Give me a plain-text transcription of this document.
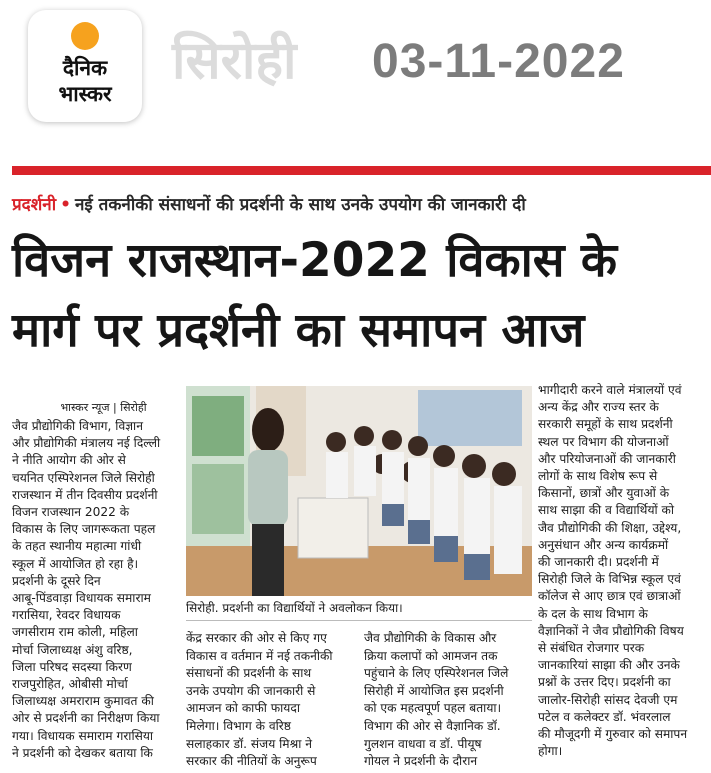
दैनिक
भास्कर
सिरोही 03-11-2022
प्रदर्शनी • नई तकनीकी संसाधनों की प्रदर्शनी के साथ उनके उपयोग की जानकारी दी
विजन राजस्थान-2022 विकास के
मार्ग पर प्रदर्शनी का समापन आज
भास्कर न्यूज | सिरोही
जैव प्रौद्योगिकी विभाग, विज्ञान
और प्रौद्योगिकी मंत्रालय नई दिल्ली
ने नीति आयोग की ओर से
चयनित एस्पिरेशनल जिले सिरोही
राजस्थान में तीन दिवसीय प्रदर्शनी
विजन राजस्थान 2022 के
विकास के लिए जागरूकता पहल
के तहत स्थानीय महात्मा गांधी
स्कूल में आयोजित हो रहा है।
प्रदर्शनी के दूसरे दिन
आबू-पिंडवाड़ा विधायक समाराम
गरासिया, रेवदर विधायक
जगसीराम राम कोली, महिला
मोर्चा जिलाध्यक्ष अंशु वरिष्ठ,
जिला परिषद सदस्या किरण
राजपुरोहित, ओबीसी मोर्चा
जिलाध्यक्ष अमराराम कुमावत की
ओर से प्रदर्शनी का निरीक्षण किया
गया। विधायक समाराम गरासिया
ने प्रदर्शनी को देखकर बताया कि
सिरोही. प्रदर्शनी का विद्यार्थियों ने अवलोकन किया।
केंद्र सरकार की ओर से किए गए
विकास व वर्तमान में नई तकनीकी
संसाधनों की प्रदर्शनी के साथ
उनके उपयोग की जानकारी से
आमजन को काफी फायदा
मिलेगा। विभाग के वरिष्ठ
सलाहकार डॉ. संजय मिश्रा ने
सरकार की नीतियों के अनुरूप
जैव प्रौद्योगिकी के विकास और
क्रिया कलापों को आमजन तक
पहुंचाने के लिए एस्पिरेशनल जिले
सिरोही में आयोजित इस प्रदर्शनी
को एक महत्वपूर्ण पहल बताया।
विभाग की ओर से वैज्ञानिक डॉ.
गुलशन वाधवा व डॉ. पीयूष
गोयल ने प्रदर्शनी के दौरान
भागीदारी करने वाले मंत्रालयों एवं
अन्य केंद्र और राज्य स्तर के
सरकारी समूहों के साथ प्रदर्शनी
स्थल पर विभाग की योजनाओं
और परियोजनाओं की जानकारी
लोगों के साथ विशेष रूप से
किसानों, छात्रों और युवाओं के
साथ साझा की व विद्यार्थियों को
जैव प्रौद्योगिकी की शिक्षा, उद्देश्य,
अनुसंधान और अन्य कार्यक्रमों
की जानकारी दी। प्रदर्शनी में
सिरोही जिले के विभिन्न स्कूल एवं
कॉलेज से आए छात्र एवं छात्राओं
के दल के साथ विभाग के
वैज्ञानिकों ने जैव प्रौद्योगिकी विषय
से संबंधित रोजगार परक
जानकारियां साझा की और उनके
प्रश्नों के उत्तर दिए। प्रदर्शनी का
जालोर-सिरोही सांसद देवजी एम
पटेल व कलेक्टर डॉ. भंवरलाल
की मौजूदगी में गुरुवार को समापन
होगा।
